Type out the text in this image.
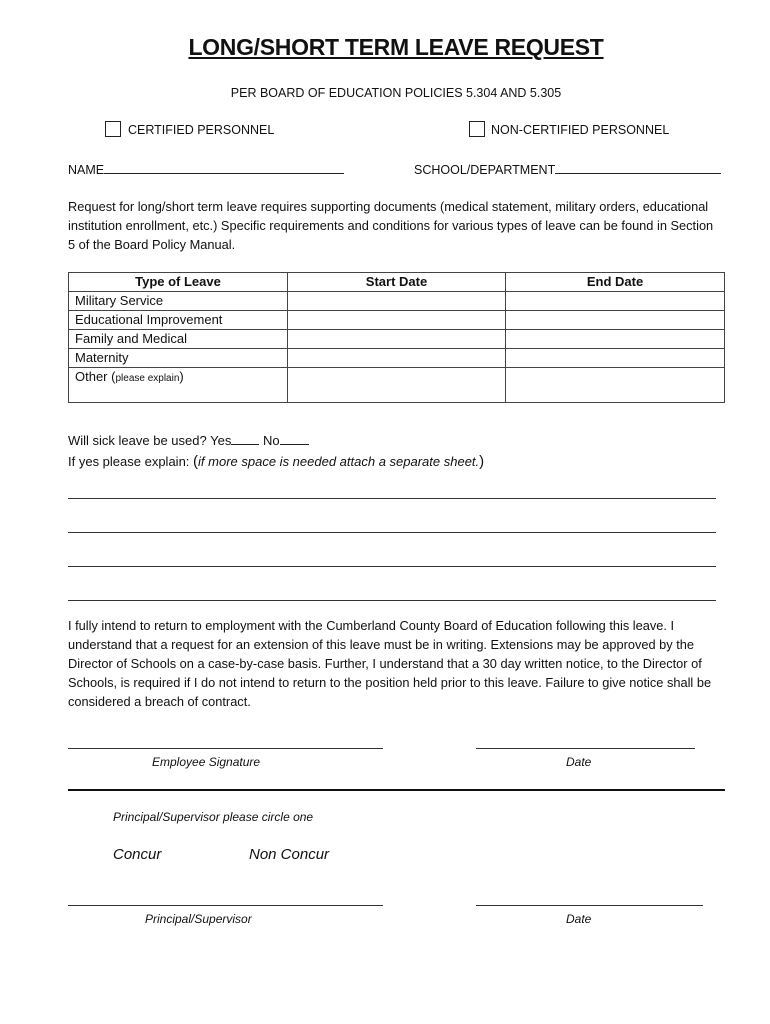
LONG/SHORT TERM LEAVE REQUEST
PER BOARD OF EDUCATION POLICIES 5.304 AND 5.305
CERTIFIED PERSONNEL	NON-CERTIFIED PERSONNEL
NAME	SCHOOL/DEPARTMENT
Request for long/short term leave requires supporting documents (medical statement, military orders, educational institution enrollment, etc.) Specific requirements and conditions for various types of leave can be found in Section 5 of the Board Policy Manual.
Type of Leave	Start Date	End Date
Military Service		
Educational Improvement		
Family and Medical		
Maternity		
Other (please explain)		
Will sick leave be used? Yes No
If yes please explain: (if more space is needed attach a separate sheet.)
I fully intend to return to employment with the Cumberland County Board of Education following this leave. I understand that a request for an extension of this leave must be in writing. Extensions may be approved by the Director of Schools on a case-by-case basis. Further, I understand that a 30 day written notice, to the Director of Schools, is required if I do not intend to return to the position held prior to this leave. Failure to give notice shall be considered a breach of contract.
Employee Signature	Date
Principal/Supervisor please circle one
Concur	Non Concur
Principal/Supervisor	Date
